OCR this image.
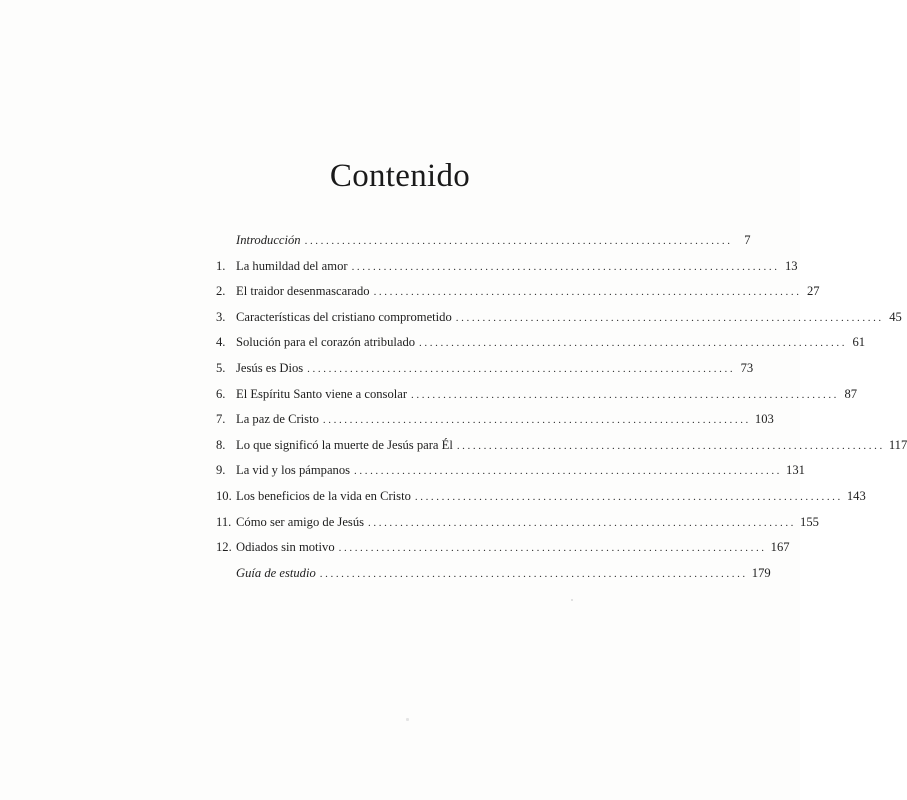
Contenido
Introducción ................................................................................ 7
1. La humildad del amor ................................................................................ 13
2. El traidor desenmascarado ................................................................................ 27
3. Características del cristiano comprometido ................................................................................ 45
4. Solución para el corazón atribulado ................................................................................ 61
5. Jesús es Dios ................................................................................ 73
6. El Espíritu Santo viene a consolar ................................................................................ 87
7. La paz de Cristo ................................................................................ 103
8. Lo que significó la muerte de Jesús para Él ................................................................................ 117
9. La vid y los pámpanos ................................................................................ 131
10. Los beneficios de la vida en Cristo ................................................................................ 143
11. Cómo ser amigo de Jesús ................................................................................ 155
12. Odiados sin motivo ................................................................................ 167
Guía de estudio ................................................................................ 179
